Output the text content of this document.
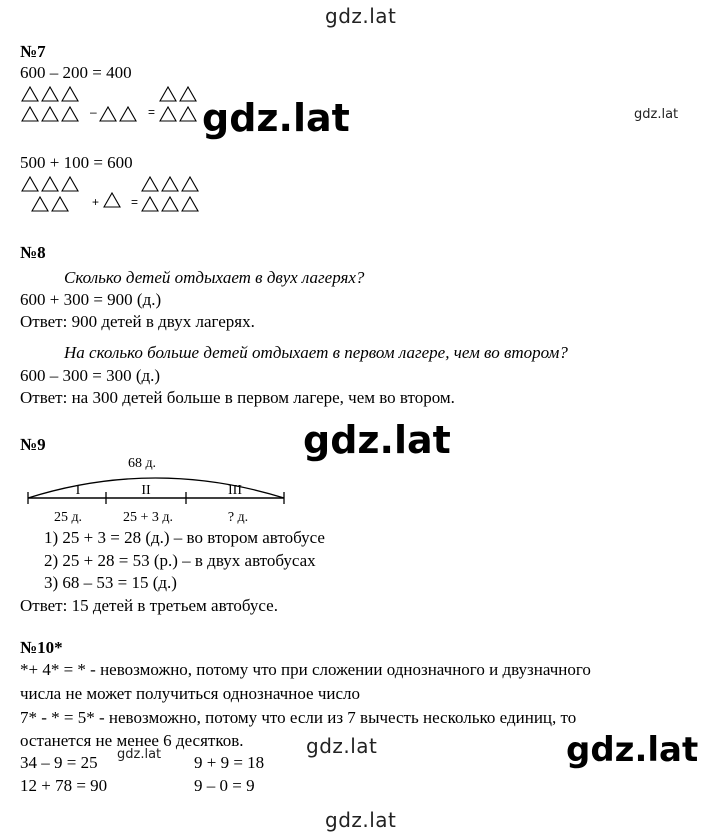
gdz.lat
gdz.lat	gdz.lat
gdz.lat
gdz.lat
gdz.lat	gdz.lat
gdz.lat
№7
600 – 200 = 400
–	=
500 + 100 = 600
+	=
№8
Сколько детей отдыхает в двух лагерях?
600 + 300 = 900 (д.)
Ответ: 900 детей в двух лагерях.
На сколько больше детей отдыхает в первом лагере, чем во втором?
600 – 300 = 300 (д.)
Ответ: на 300 детей больше в первом лагере, чем во втором.
№9
68 д.
I	II	III
25 д.	25 + 3 д.	? д.
1) 25 + 3 = 28 (д.) – во втором автобусе
2) 25 + 28 = 53 (р.) – в двух автобусах
3) 68 – 53 = 15 (д.)
Ответ: 15 детей в третьем автобусе.
№10*
*+ 4* = * - невозможно, потому что при сложении однозначного и двузначного
числа не может получиться однозначное число
7* - * = 5* - невозможно, потому что если из 7 вычесть несколько единиц, то
останется не менее 6 десятков.
34 – 9 = 25	9 + 9 = 18
12 + 78 = 90	9 – 0 = 9
